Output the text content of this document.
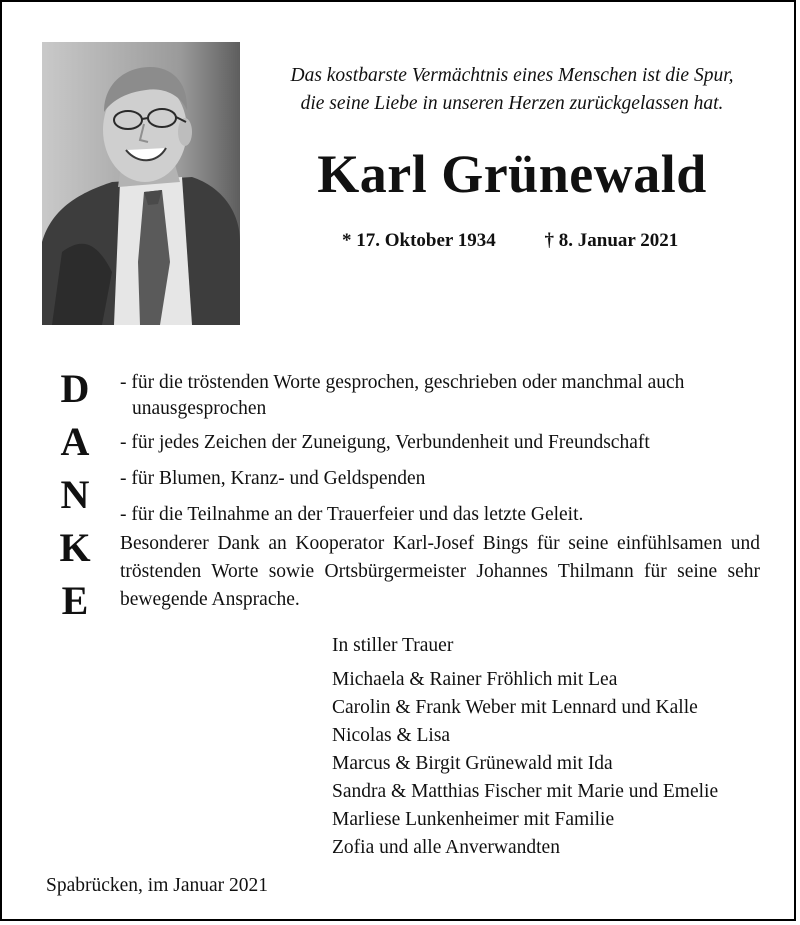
Das kostbarste Vermächtnis eines Menschen ist die Spur,
die seine Liebe in unseren Herzen zurückgelassen hat.
Karl Grünewald
* 17. Oktober 1934	† 8. Januar 2021
D
A
N
K
E
- für die tröstenden Worte gesprochen, geschrieben oder manchmal auch
unausgesprochen
- für jedes Zeichen der Zuneigung, Verbundenheit und Freundschaft
- für Blumen, Kranz- und Geldspenden
- für die Teilnahme an der Trauerfeier und das letzte Geleit.
Besonderer Dank an Kooperator Karl-Josef Bings für seine einfühlsamen und tröstenden Worte sowie Ortsbürgermeister Johannes Thilmann für seine sehr bewegende Ansprache.
In stiller Trauer
Michaela & Rainer Fröhlich mit Lea
Carolin & Frank Weber mit Lennard und Kalle
Nicolas & Lisa
Marcus & Birgit Grünewald mit Ida
Sandra & Matthias Fischer mit Marie und Emelie
Marliese Lunkenheimer mit Familie
Zofia und alle Anverwandten
Spabrücken, im Januar 2021
